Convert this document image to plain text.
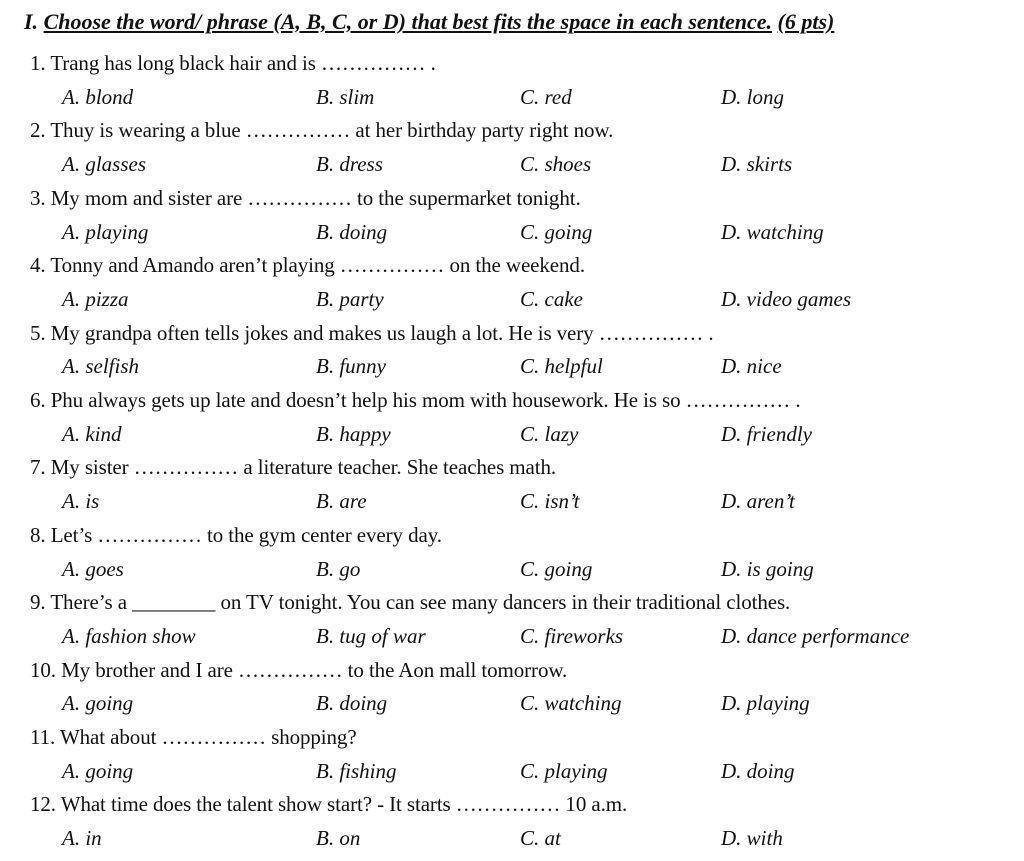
I. Choose the word/ phrase (A, B, C, or D) that best fits the space in each sentence. (6 pts)
1. Trang has long black hair and is …………… .
A. blond	B. slim	C. red	D. long
2. Thuy is wearing a blue …………… at her birthday party right now.
A. glasses	B. dress	C. shoes	D. skirts
3. My mom and sister are …………… to the supermarket tonight.
A. playing	B. doing	C. going	D. watching
4. Tonny and Amando aren’t playing …………… on the weekend.
A. pizza	B. party	C. cake	D. video games
5. My grandpa often tells jokes and makes us laugh a lot. He is very …………… .
A. selfish	B. funny	C. helpful	D. nice
6. Phu always gets up late and doesn’t help his mom with housework. He is so …………… .
A. kind	B. happy	C. lazy	D. friendly
7. My sister …………… a literature teacher. She teaches math.
A. is	B. are	C. isn’t	D. aren’t
8. Let’s …………… to the gym center every day.
A. goes	B. go	C. going	D. is going
9. There’s a ________ on TV tonight. You can see many dancers in their traditional clothes.
A. fashion show	B. tug of war	C. fireworks	D. dance performance
10. My brother and I are …………… to the Aon mall tomorrow.
A. going	B. doing	C. watching	D. playing
11. What about …………… shopping?
A. going	B. fishing	C. playing	D. doing
12. What time does the talent show start? - It starts …………… 10 a.m.
A. in	B. on	C. at	D. with
